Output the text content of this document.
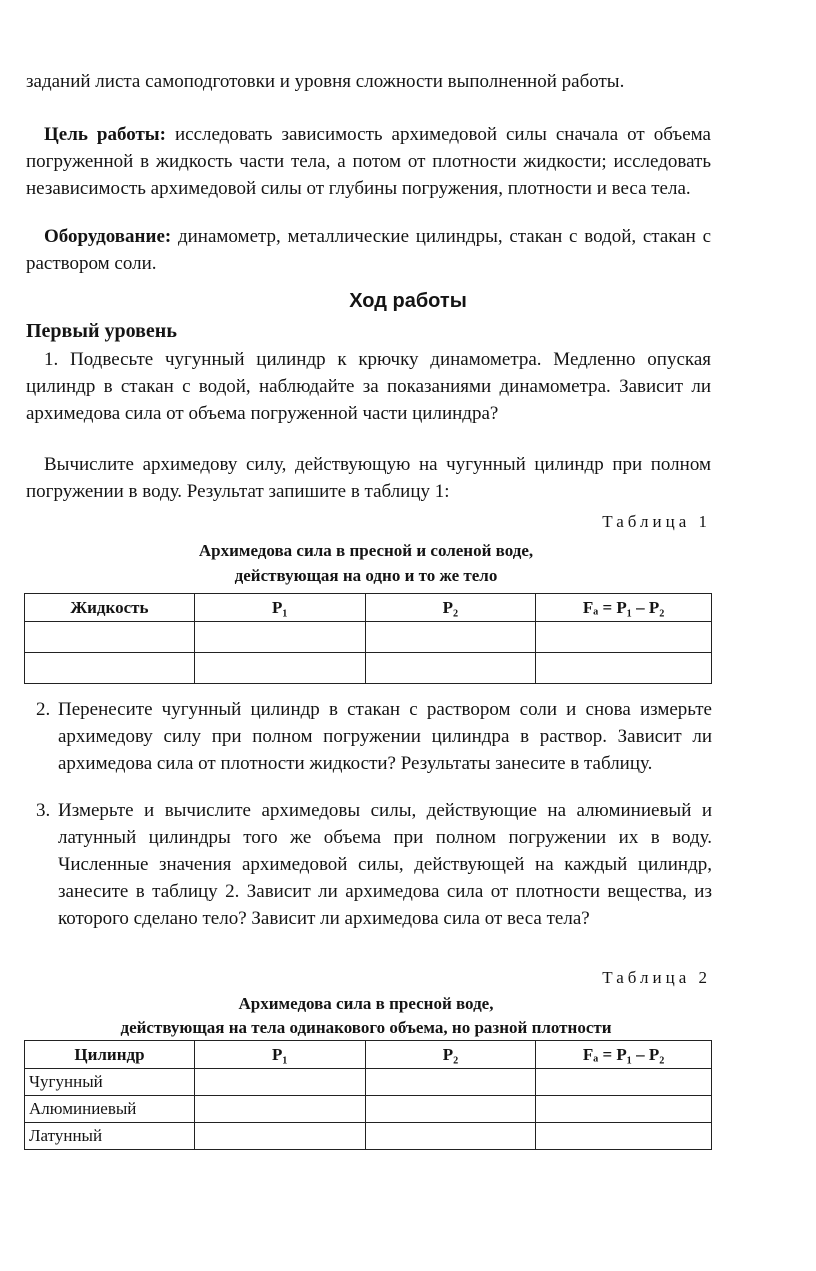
заданий листа самоподготовки и уровня сложности выполненной работы.

Цель работы: исследовать зависимость архимедовой силы сначала от объема погруженной в жидкость части тела, а потом от плотности жидкости; исследовать независимость архимедовой силы от глубины погружения, плотности и веса тела.

Оборудование: динамометр, металлические цилиндры, стакан с водой, стакан с раствором соли.

Ход работы
Первый уровень

1. Подвесьте чугунный цилиндр к крючку динамометра. Медленно опуская цилиндр в стакан с водой, наблюдайте за показаниями динамометра. Зависит ли архимедова сила от объема погруженной части цилиндра?

Вычислите архимедову силу, действующую на чугунный цилиндр при полном погружении в воду. Результат запишите в таблицу 1:

Таблица 1

Архимедова сила в пресной и соленой воде,

действующая на одно и то же тело

Жидкость	P₁	P₂	Fₐ = P₁ – P₂

2. Перенесите чугунный цилиндр в стакан с раствором соли и снова измерьте архимедову силу при полном погружении цилиндра в раствор. Зависит ли архимедова сила от плотности жидкости? Результаты занесите в таблицу.

3. Измерьте и вычислите архимедовы силы, действующие на алюминиевый и латунный цилиндры того же объема при полном погружении их в воду. Численные значения архимедовой силы, действующей на каждый цилиндр, занесите в таблицу 2. Зависит ли архимедова сила от плотности вещества, из которого сделано тело? Зависит ли архимедова сила от веса тела?

Таблица 2

Архимедова сила в пресной воде,

действующая на тела одинакового объема, но разной плотности

Цилиндр	P₁	P₂	Fₐ = P₁ – P₂
Чугунный			
Алюминиевый			
Латунный			
